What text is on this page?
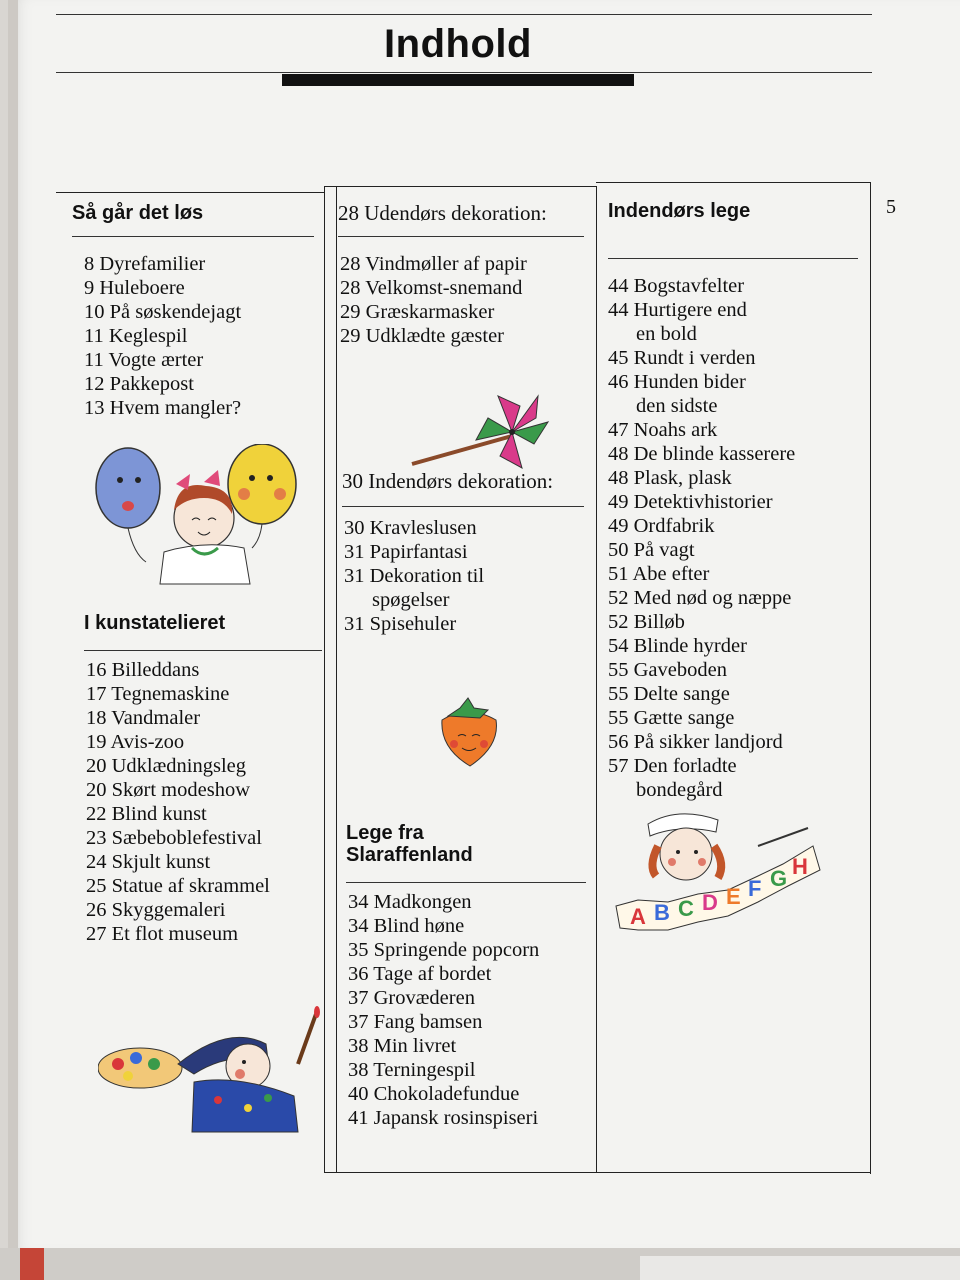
Indhold
5
Så går det løs
8 Dyrefamilier
9 Huleboere
10 På søskendejagt
11 Keglespil
11 Vogte ærter
12 Pakkepost
13 Hvem mangler?
I kunstatelieret
16 Billeddans
17 Tegnemaskine
18 Vandmaler
19 Avis-zoo
20 Udklædningsleg
20 Skørt modeshow
22 Blind kunst
23 Sæbeboblefestival
24 Skjult kunst
25 Statue af skrammel
26 Skyggemaleri
27 Et flot museum
28 Udendørs dekoration:
28 Vindmøller af papir
28 Velkomst-snemand
29 Græskarmasker
29 Udklædte gæster
30 Indendørs dekoration:
30 Kravleslusen
31 Papirfantasi
31 Dekoration til
spøgelser
31 Spisehuler
Lege fra
Slaraffenland
34 Madkongen
34 Blind høne
35 Springende popcorn
36 Tage af bordet
37 Grovæderen
37 Fang bamsen
38 Min livret
38 Terningespil
40 Chokoladefundue
41 Japansk rosinspiseri
Indendørs lege
44 Bogstavfelter
44 Hurtigere end
en bold
45 Rundt i verden
46 Hunden bider
den sidste
47 Noahs ark
48 De blinde kasserere
48 Plask, plask
49 Detektivhistorier
49 Ordfabrik
50 På vagt
51 Abe efter
52 Med nød og næppe
52 Billøb
54 Blinde hyrder
55 Gaveboden
55 Delte sange
55 Gætte sange
56 På sikker landjord
57 Den forladte
bondegård
A B C D E F G H
